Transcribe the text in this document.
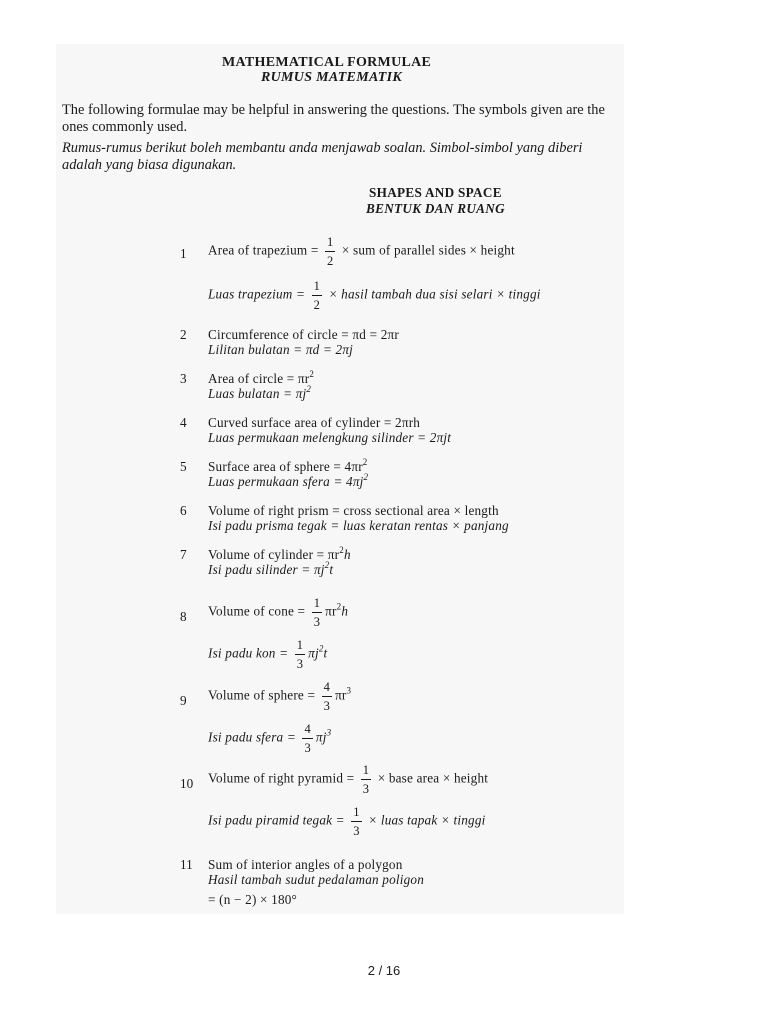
MATHEMATICAL FORMULAE
RUMUS MATEMATIK
The following formulae may be helpful in answering the questions. The symbols given are the ones commonly used.
Rumus-rumus berikut boleh membantu anda menjawab soalan. Simbol-simbol yang diberi adalah yang biasa digunakan.
SHAPES AND SPACE
BENTUK DAN RUANG
1 Area of trapezium = $\frac{1}{2}$ × sum of parallel sides × height
Luas trapezium = $\frac{1}{2}$ × hasil tambah dua sisi selari × tinggi
2 Circumference of circle = πd = 2πr
Lilitan bulatan = πd = 2πj
3 Area of circle = $\pi r^2$
Luas bulatan = $\pi j^2$
4 Curved surface area of cylinder = 2πrh
Luas permukaan melengkung silinder = 2πjt
5 Surface area of sphere = $4\pi r^2$
Luas permukaan sfera = $4\pi j^2$
6 Volume of right prism = cross sectional area × length
Isi padu prisma tegak = luas keratan rentas × panjang
7 Volume of cylinder = $\pi r^2h$
Isi padu silinder = $\pi j^2t$
8 Volume of cone = $\frac{1}{3} \pi r^2h$
Isi padu kon = $\frac{1}{3} \pi j^2t$
9 Volume of sphere = $\frac{4}{3} \pi r^3$
Isi padu sfera = $\frac{4}{3} \pi j^3$
10 Volume of right pyramid = $\frac{1}{3}$ × base area × height
Isi padu piramid tegak = $\frac{1}{3}$ × luas tapak × tinggi
11 Sum of interior angles of a polygon
Hasil tambah sudut pedalaman poligon
= (n − 2) × 180°
2 / 16
